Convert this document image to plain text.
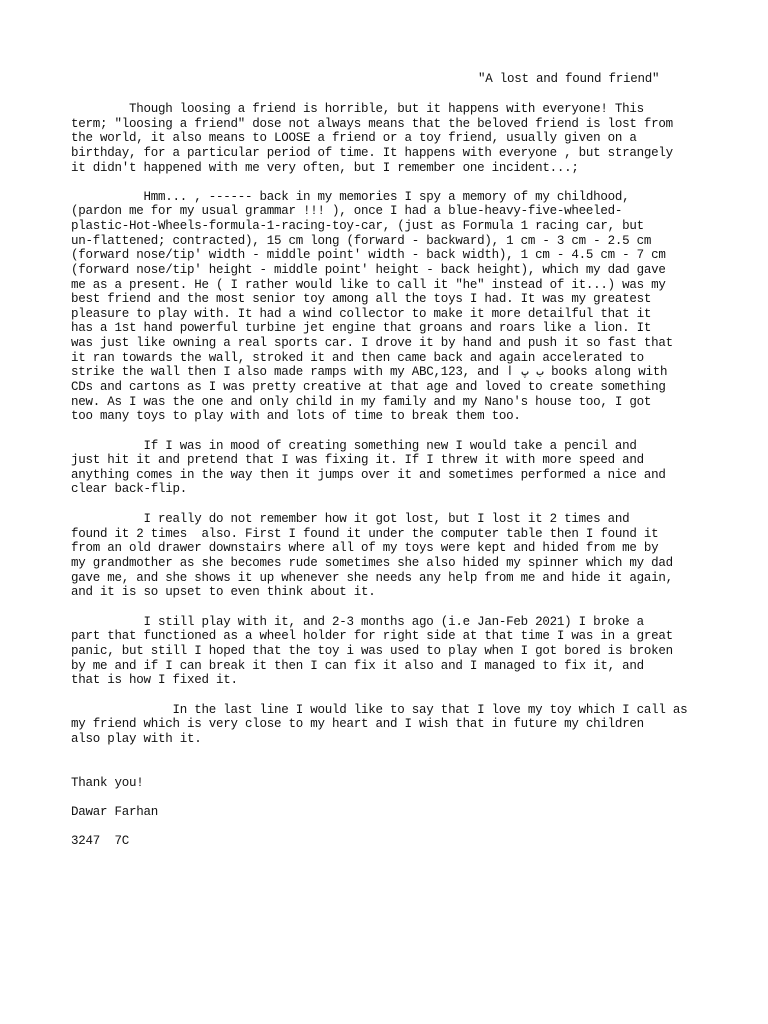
"A lost and found friend"
Though loosing a friend is horrible, but it happens with everyone! This
term; "loosing a friend" dose not always means that the beloved friend is lost from
the world, it also means to LOOSE a friend or a toy friend, usually given on a
birthday, for a particular period of time. It happens with everyone , but strangely
it didn't happened with me very often, but I remember one incident...;
Hmm... , ------ back in my memories I spy a memory of my childhood,
(pardon me for my usual grammar !!! ), once I had a blue-heavy-five-wheeled-
plastic-Hot-Wheels-formula-1-racing-toy-car, (just as Formula 1 racing car, but
un-flattened; contracted), 15 cm long (forward - backward), 1 cm - 3 cm - 2.5 cm
(forward nose/tip' width - middle point' width - back width), 1 cm - 4.5 cm - 7 cm
(forward nose/tip' height - middle point' height - back height), which my dad gave
me as a present. He ( I rather would like to call it "he" instead of it...) was my
best friend and the most senior toy among all the toys I had. It was my greatest
pleasure to play with. It had a wind collector to make it more detailful that it
has a 1st hand powerful turbine jet engine that groans and roars like a lion. It
was just like owning a real sports car. I drove it by hand and push it so fast that
it ran towards the wall, stroked it and then came back and again accelerated to
strike the wall then I also made ramps with my ABC,123, and ب پ ا books along with
CDs and cartons as I was pretty creative at that age and loved to create something
new. As I was the one and only child in my family and my Nano's house too, I got
too many toys to play with and lots of time to break them too.
If I was in mood of creating something new I would take a pencil and
just hit it and pretend that I was fixing it. If I threw it with more speed and
anything comes in the way then it jumps over it and sometimes performed a nice and
clear back-flip.
I really do not remember how it got lost, but I lost it 2 times and
found it 2 times  also. First I found it under the computer table then I found it
from an old drawer downstairs where all of my toys were kept and hided from me by
my grandmother as she becomes rude sometimes she also hided my spinner which my dad
gave me, and she shows it up whenever she needs any help from me and hide it again,
and it is so upset to even think about it.
I still play with it, and 2-3 months ago (i.e Jan-Feb 2021) I broke a
part that functioned as a wheel holder for right side at that time I was in a great
panic, but still I hoped that the toy i was used to play when I got bored is broken
by me and if I can break it then I can fix it also and I managed to fix it, and
that is how I fixed it.
In the last line I would like to say that I love my toy which I call as
my friend which is very close to my heart and I wish that in future my children
also play with it.
Thank you!
Dawar Farhan
3247  7C
